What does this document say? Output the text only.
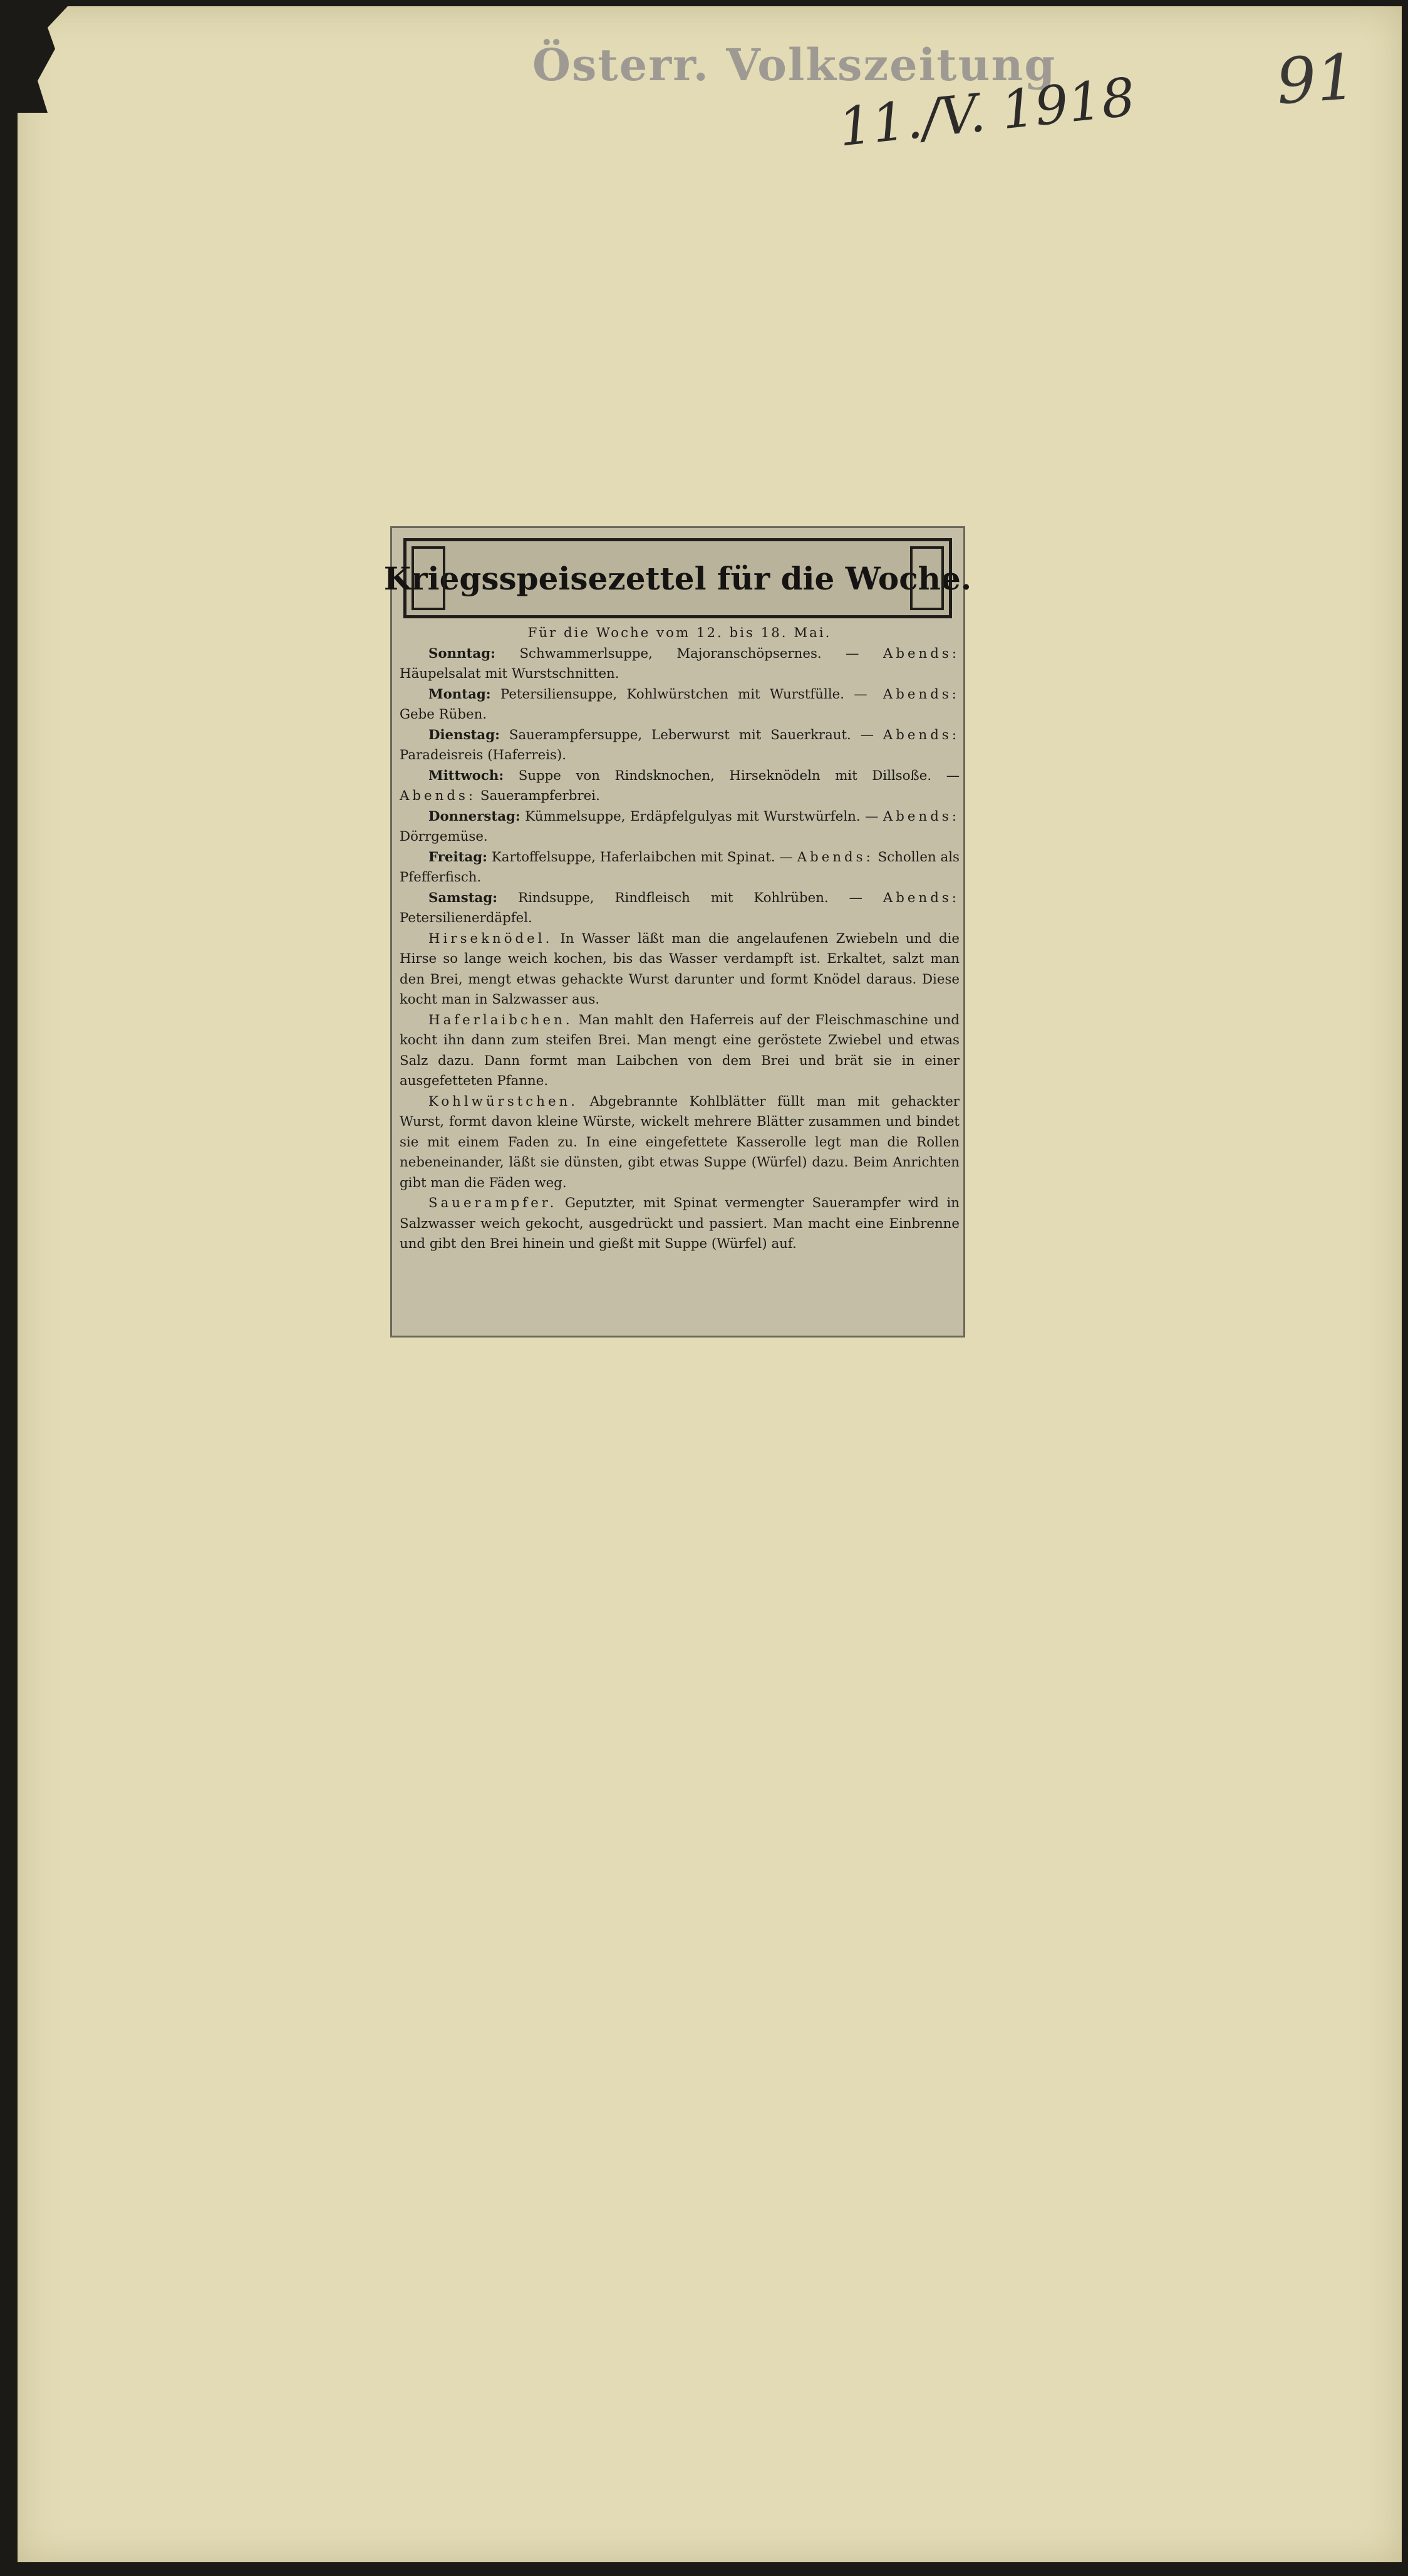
Österr. Volkszeitung
11./V. 1918 91
Kriegsspeisezettel für die Woche.

Für die Woche vom 12. bis 18. Mai.

Sonntag: Schwammerlsuppe, Majoranschöpsernes. — Abends: Häupelsalat mit Wurstschnitten.

Montag: Petersiliensuppe, Kohlwürstchen mit Wurstfülle. — Abends: Gebe Rüben.

Dienstag: Sauerampfersuppe, Leberwurst mit Sauerkraut. — Abends: Paradeisreis (Haferreis).

Mittwoch: Suppe von Rindsknochen, Hirseknödeln mit Dillsoße. — Abends: Sauerampferbrei.

Donnerstag: Kümmelsuppe, Erdäpfelgulyas mit Wurstwürfeln. — Abends: Dörrgemüse.

Freitag: Kartoffelsuppe, Haferlaibchen mit Spinat. — Abends: Schollen als Pfefferfisch.

Samstag: Rindsuppe, Rindfleisch mit Kohlrüben. — Abends: Petersilienerdäpfel.

Hirseknödel. In Wasser läßt man die angelaufenen Zwiebeln und die Hirse so lange weich kochen, bis das Wasser verdampft ist. Erkaltet, salzt man den Brei, mengt etwas gehackte Wurst darunter und formt Knödel daraus. Diese kocht man in Salzwasser aus.

Haferlaibchen. Man mahlt den Haferreis auf der Fleischmaschine und kocht ihn dann zum steifen Brei. Man mengt eine geröstete Zwiebel und etwas Salz dazu. Dann formt man Laibchen von dem Brei und brät sie in einer ausgefetteten Pfanne.

Kohlwürstchen. Abgebrannte Kohlblätter füllt man mit gehackter Wurst, formt davon kleine Würste, wickelt mehrere Blätter zusammen und bindet sie mit einem Faden zu. In eine eingefettete Kasserolle legt man die Rollen nebeneinander, läßt sie dünsten, gibt etwas Suppe (Würfel) dazu. Beim Anrichten gibt man die Fäden weg.

Sauerampfer. Geputzter, mit Spinat vermengter Sauerampfer wird in Salzwasser weich gekocht, ausgedrückt und passiert. Man macht eine Einbrenne und gibt den Brei hinein und gießt mit Suppe (Würfel) auf.
